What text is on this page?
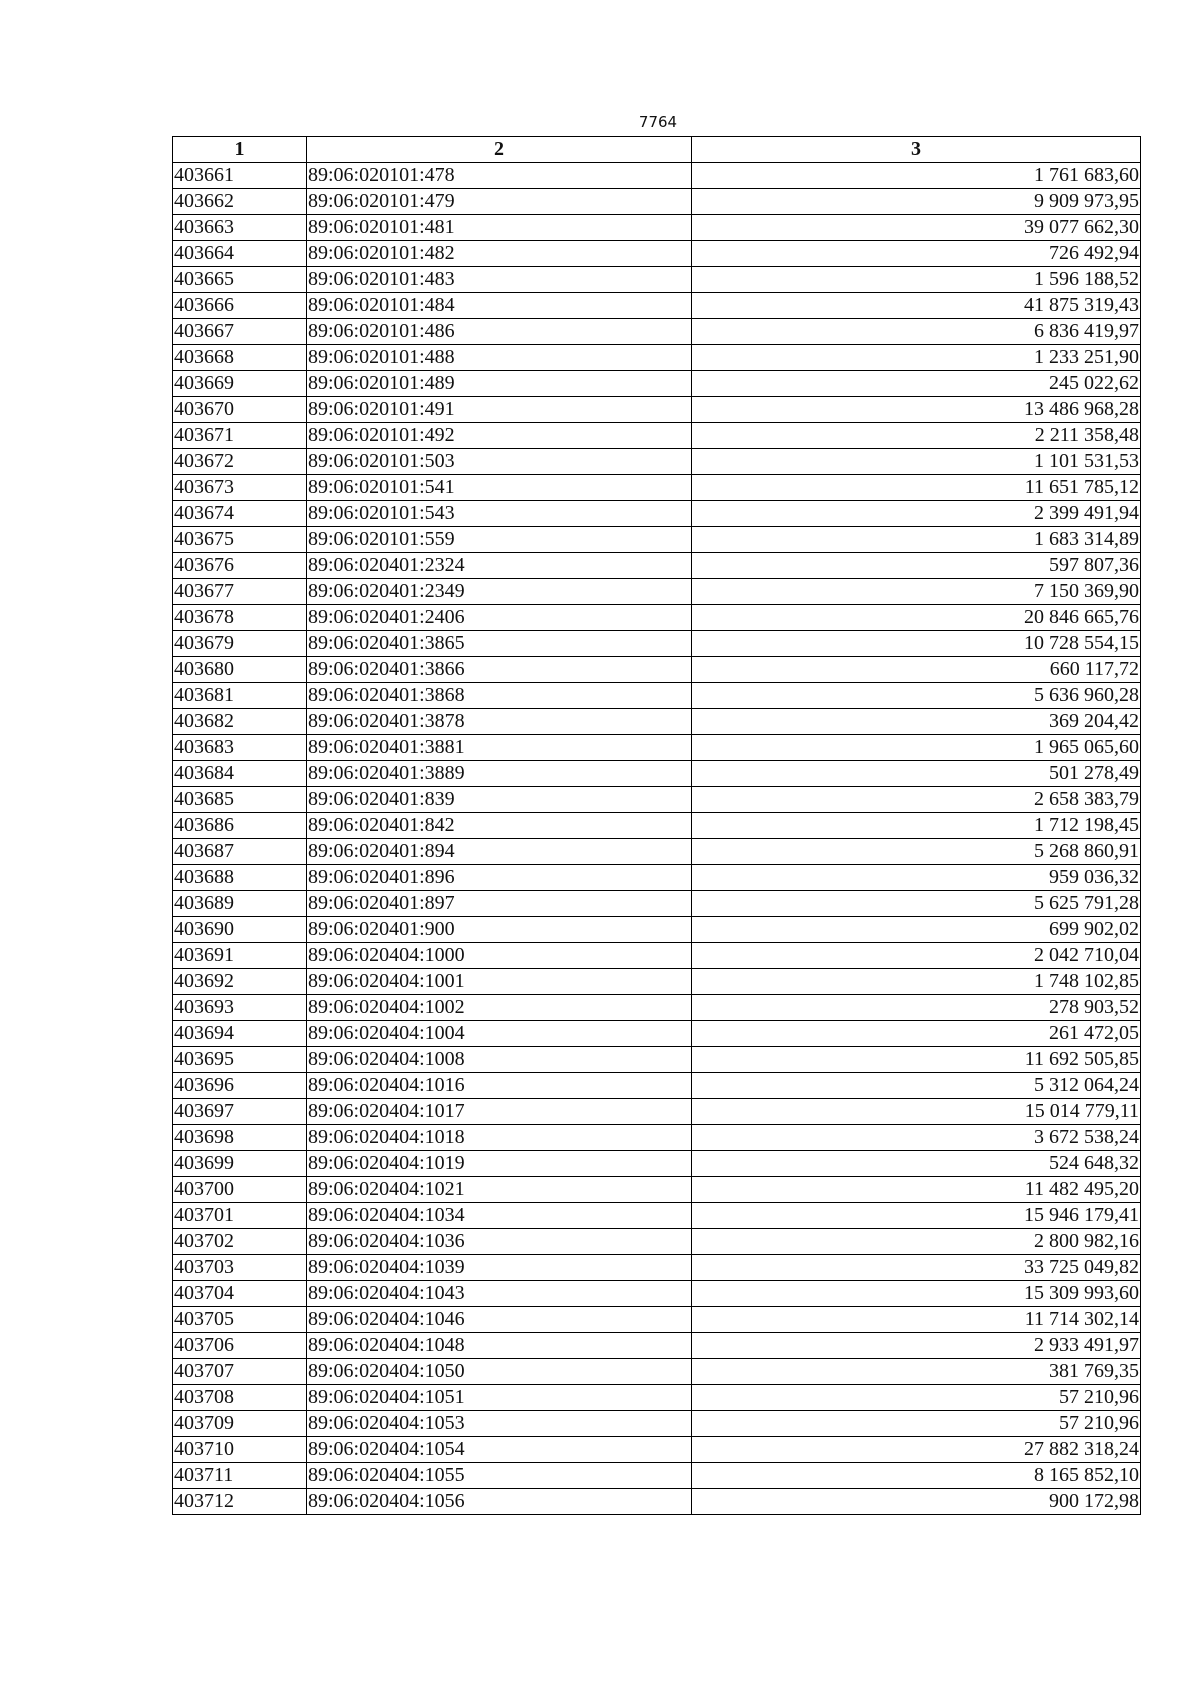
7764
1	2	3
403661	89:06:020101:478	1 761 683,60
403662	89:06:020101:479	9 909 973,95
403663	89:06:020101:481	39 077 662,30
403664	89:06:020101:482	726 492,94
403665	89:06:020101:483	1 596 188,52
403666	89:06:020101:484	41 875 319,43
403667	89:06:020101:486	6 836 419,97
403668	89:06:020101:488	1 233 251,90
403669	89:06:020101:489	245 022,62
403670	89:06:020101:491	13 486 968,28
403671	89:06:020101:492	2 211 358,48
403672	89:06:020101:503	1 101 531,53
403673	89:06:020101:541	11 651 785,12
403674	89:06:020101:543	2 399 491,94
403675	89:06:020101:559	1 683 314,89
403676	89:06:020401:2324	597 807,36
403677	89:06:020401:2349	7 150 369,90
403678	89:06:020401:2406	20 846 665,76
403679	89:06:020401:3865	10 728 554,15
403680	89:06:020401:3866	660 117,72
403681	89:06:020401:3868	5 636 960,28
403682	89:06:020401:3878	369 204,42
403683	89:06:020401:3881	1 965 065,60
403684	89:06:020401:3889	501 278,49
403685	89:06:020401:839	2 658 383,79
403686	89:06:020401:842	1 712 198,45
403687	89:06:020401:894	5 268 860,91
403688	89:06:020401:896	959 036,32
403689	89:06:020401:897	5 625 791,28
403690	89:06:020401:900	699 902,02
403691	89:06:020404:1000	2 042 710,04
403692	89:06:020404:1001	1 748 102,85
403693	89:06:020404:1002	278 903,52
403694	89:06:020404:1004	261 472,05
403695	89:06:020404:1008	11 692 505,85
403696	89:06:020404:1016	5 312 064,24
403697	89:06:020404:1017	15 014 779,11
403698	89:06:020404:1018	3 672 538,24
403699	89:06:020404:1019	524 648,32
403700	89:06:020404:1021	11 482 495,20
403701	89:06:020404:1034	15 946 179,41
403702	89:06:020404:1036	2 800 982,16
403703	89:06:020404:1039	33 725 049,82
403704	89:06:020404:1043	15 309 993,60
403705	89:06:020404:1046	11 714 302,14
403706	89:06:020404:1048	2 933 491,97
403707	89:06:020404:1050	381 769,35
403708	89:06:020404:1051	57 210,96
403709	89:06:020404:1053	57 210,96
403710	89:06:020404:1054	27 882 318,24
403711	89:06:020404:1055	8 165 852,10
403712	89:06:020404:1056	900 172,98
